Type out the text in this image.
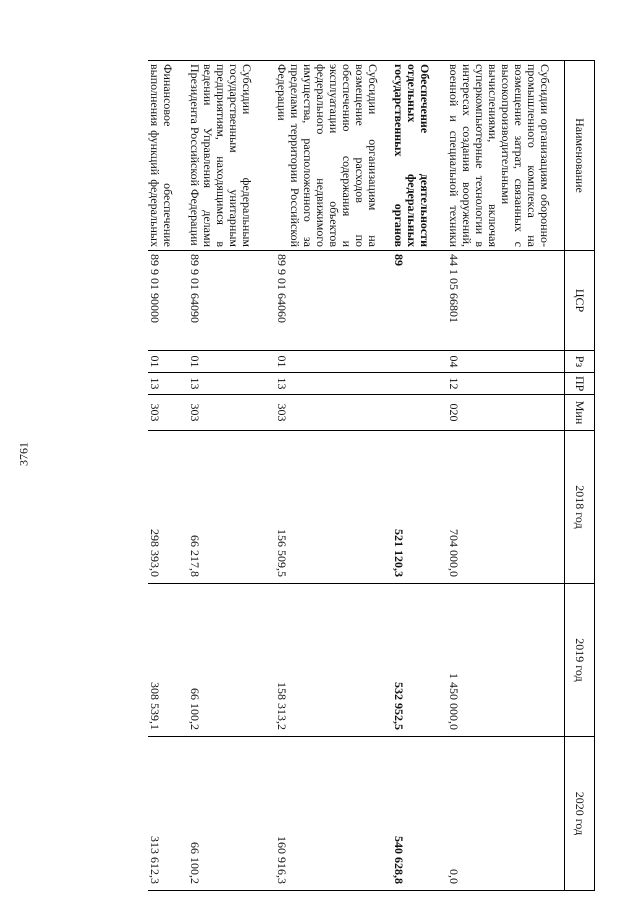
3761
Наименование	ЦСР	Рз	ПР	Мин	2018 год	2019 год	2020 год
Субсидии организациям оборонно-промышленного комплекса на возмещение затрат, связанных с высокопроизводительными вычислениями, включая суперкомпьютерные технологии в интересах создания вооружений, военной и специальной техники	44 1 05 66801	04	12	020	704 000,0	1 450 000,0	0,0
Обеспечение деятельности отдельных федеральных государственных органов	89				521 120,3	532 952,5	540 628,8
Субсидии организациям на возмещение расходов по обеспечению содержания и эксплуатации объектов федерального недвижимого имущества, расположенного за пределами территории Российской Федерации	89 9 01 64060	01	13	303	156 509,5	158 313,2	160 916,3
Субсидии федеральным государственным унитарным предприятиям, находящимся в ведении Управления делами Президента Российской Федерации	89 9 01 64090	01	13	303	66 217,8	66 100,2	66 100,2
Финансовое обеспечение выполнения функций федеральных	89 9 01 90000	01	13	303	298 393,0	308 539,1	313 612,3
